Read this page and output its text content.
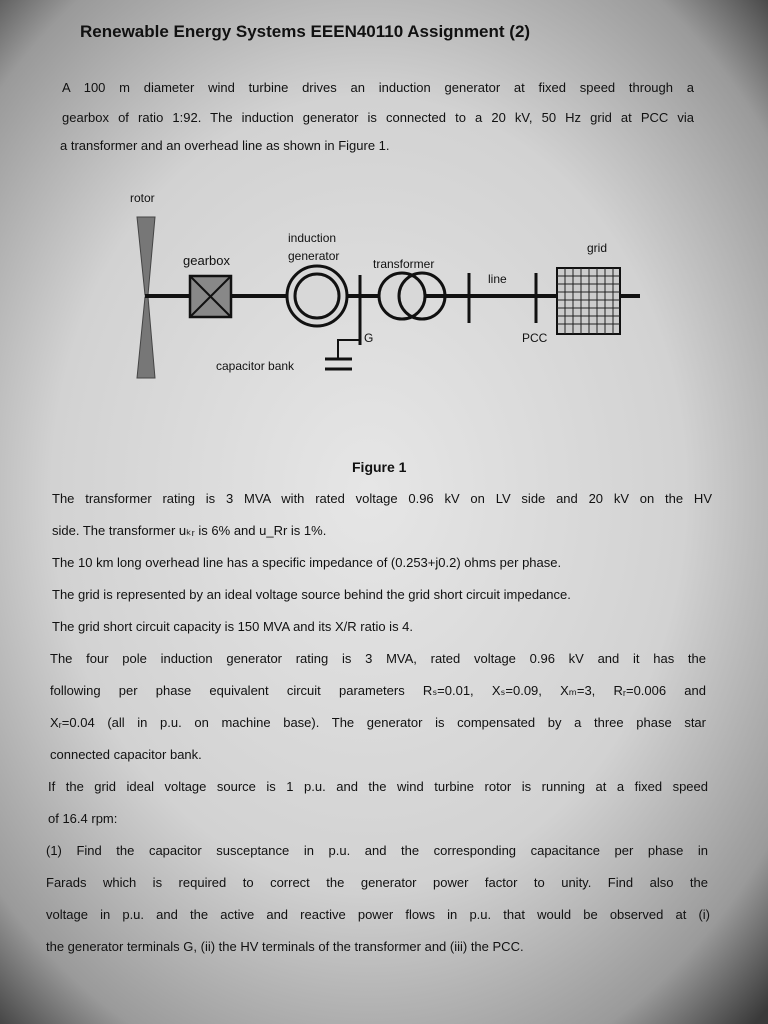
Renewable Energy Systems EEEN40110 Assignment (2)
A 100 m diameter wind turbine drives an induction generator at fixed speed through a
gearbox of ratio 1:92. The induction generator is connected to a 20 kV, 50 Hz grid at PCC via
a transformer and an overhead line as shown in Figure 1.
rotor
gearbox
induction
generator
G
capacitor bank
transformer
line
PCC
grid
Figure 1
The transformer rating is 3 MVA with rated voltage 0.96 kV on LV side and 20 kV on the HV
side. The transformer uₖᵣ is 6% and u_Rr is 1%.
The 10 km long overhead line has a specific impedance of (0.253+j0.2) ohms per phase.
The grid is represented by an ideal voltage source behind the grid short circuit impedance.
The grid short circuit capacity is 150 MVA and its X/R ratio is 4.
The four pole induction generator rating is 3 MVA, rated voltage 0.96 kV and it has the
following per phase equivalent circuit parameters Rₛ=0.01, Xₛ=0.09, Xₘ=3, Rᵣ=0.006 and
Xᵣ=0.04 (all in p.u. on machine base). The generator is compensated by a three phase star
connected capacitor bank.
If the grid ideal voltage source is 1 p.u. and the wind turbine rotor is running at a fixed speed
of 16.4 rpm:
(1) Find the capacitor susceptance in p.u. and the corresponding capacitance per phase in
Farads which is required to correct the generator power factor to unity. Find also the
voltage in p.u. and the active and reactive power flows in p.u. that would be observed at (i)
the generator terminals G, (ii) the HV terminals of the transformer and (iii) the PCC.
